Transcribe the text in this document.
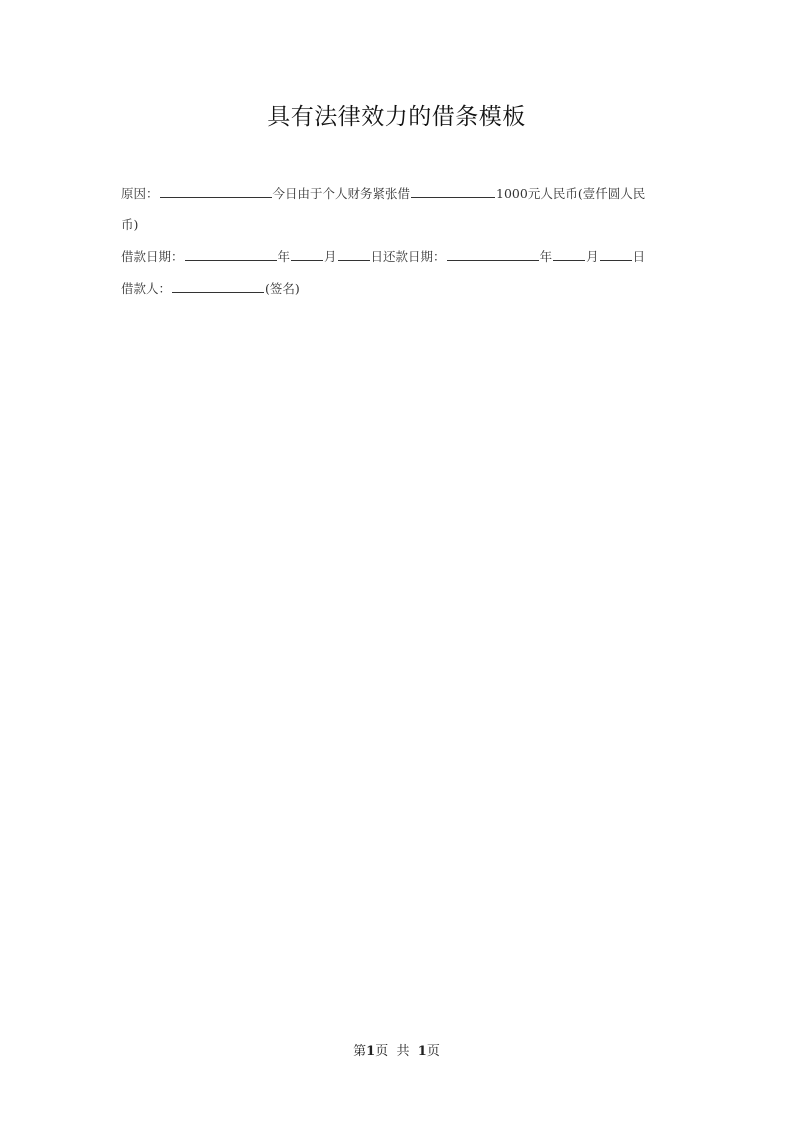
具有法律效力的借条模板
原因：	今日由于个人财务紧张借	1000元人民币(壹仟圆人民
币)
借款日期：	年	月	日还款日期：	年	月	日
借款人：	(签名)
第1页 共 1页
